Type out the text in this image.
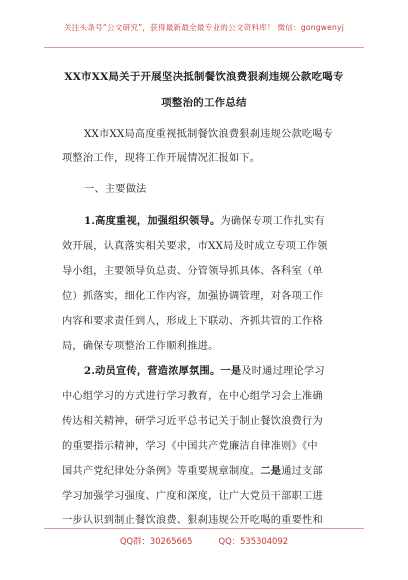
关注头条号“公文研究”，获得最新最全最专业的公文资料库！ 微信：gongwenyj
XX市XX局关于开展坚决抵制餐饮浪费狠刹违规公款吃喝专
项整治的工作总结
XX市XX局高度重视抵制餐饮浪费狠刹违规公款吃喝专
项整治工作，现将工作开展情况汇报如下。
一、主要做法
1.高度重视，加强组织领导。为确保专项工作扎实有
效开展，认真落实相关要求，市XX局及时成立专项工作领
导小组，主要领导负总责、分管领导抓具体、各科室（单
位）抓落实，细化工作内容，加强协调管理，对各项工作
内容和要求责任到人，形成上下联动、齐抓共管的工作格
局，确保专项整治工作顺利推进。
2.动员宣传，营造浓厚氛围。一是及时通过理论学习
中心组学习的方式进行学习教育，在中心组学习会上准确
传达相关精神，研学习近平总书记关于制止餐饮浪费行为
的重要指示精神，学习《中国共产党廉洁自律准则》《中
国共产党纪律处分条例》等重要规章制度。二是通过支部
学习加强学习强度、广度和深度，让广大党员干部职工进
一步认识到制止餐饮浪费、狠刹违规公开吃喝的重要性和
QQ群：30265665	QQ：535304092
